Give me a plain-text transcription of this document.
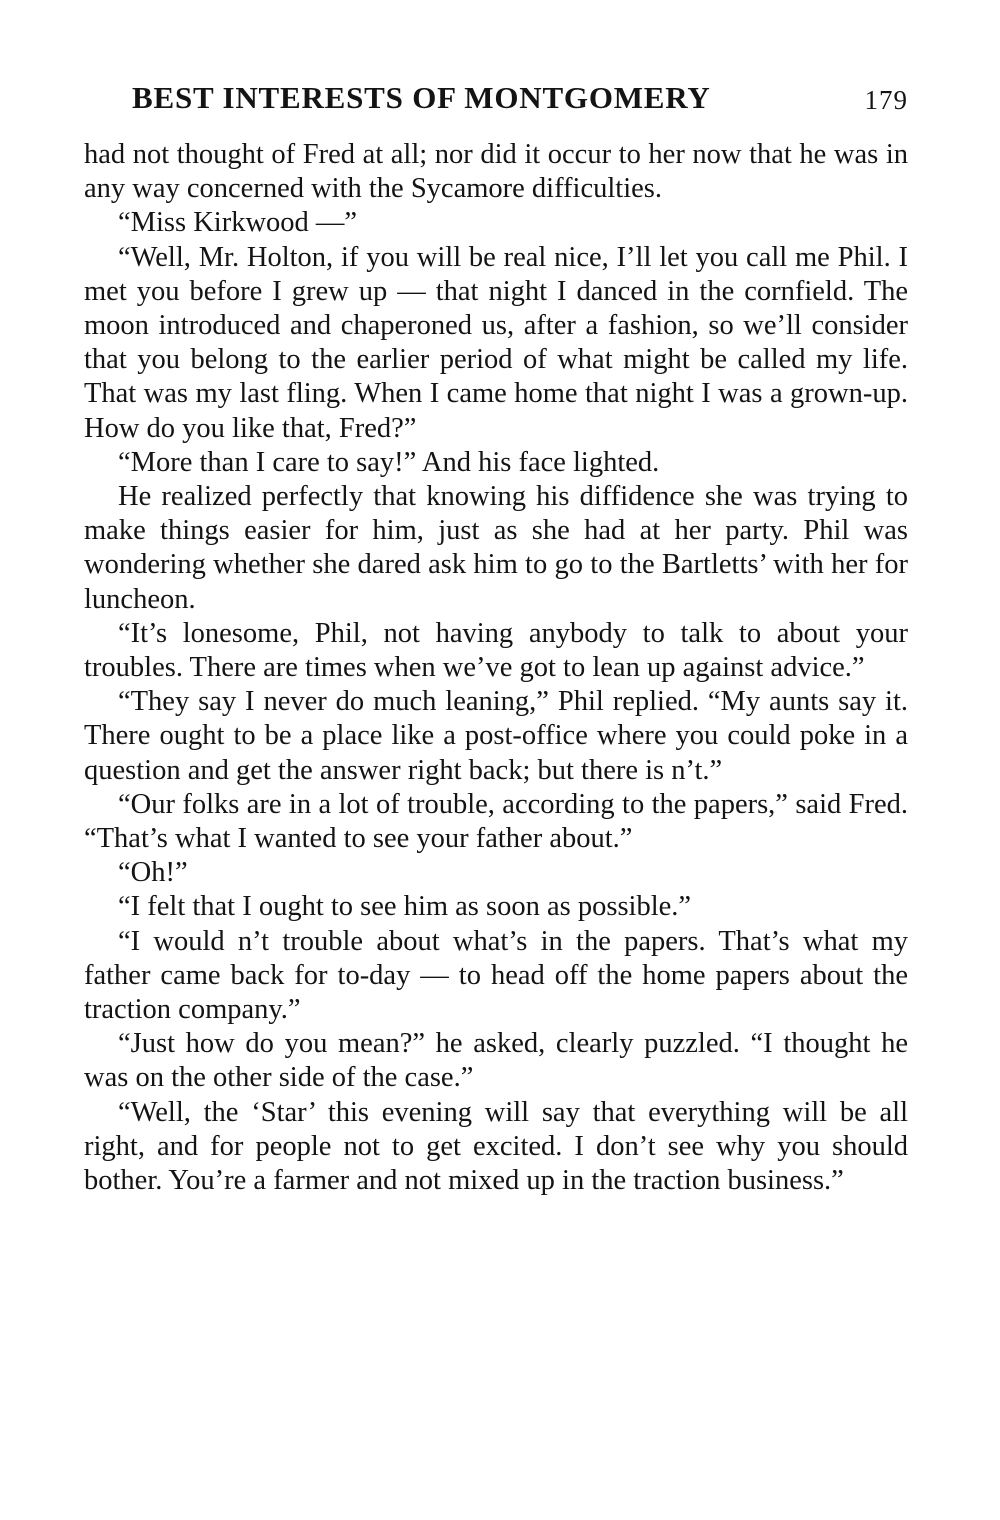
BEST INTERESTS OF MONTGOMERY	179

had not thought of Fred at all; nor did it occur to her now that he was in any way concerned with the Sycamore difficulties.

“Miss Kirkwood —”

“Well, Mr. Holton, if you will be real nice, I’ll let you call me Phil. I met you before I grew up — that night I danced in the cornfield. The moon introduced and chaperoned us, after a fashion, so we’ll consider that you belong to the earlier period of what might be called my life. That was my last fling. When I came home that night I was a grown-up. How do you like that, Fred?”

“More than I care to say!” And his face lighted.

He realized perfectly that knowing his diffidence she was trying to make things easier for him, just as she had at her party. Phil was wondering whether she dared ask him to go to the Bartletts’ with her for luncheon.

“It’s lonesome, Phil, not having anybody to talk to about your troubles. There are times when we’ve got to lean up against advice.”

“They say I never do much leaning,” Phil replied. “My aunts say it. There ought to be a place like a post-office where you could poke in a question and get the answer right back; but there is n’t.”

“Our folks are in a lot of trouble, according to the papers,” said Fred. “That’s what I wanted to see your father about.”

“Oh!”

“I felt that I ought to see him as soon as possible.”

“I would n’t trouble about what’s in the papers. That’s what my father came back for to-day — to head off the home papers about the traction company.”

“Just how do you mean?” he asked, clearly puzzled. “I thought he was on the other side of the case.”

“Well, the ‘Star’ this evening will say that everything will be all right, and for people not to get excited. I don’t see why you should bother. You’re a farmer and not mixed up in the traction business.”
